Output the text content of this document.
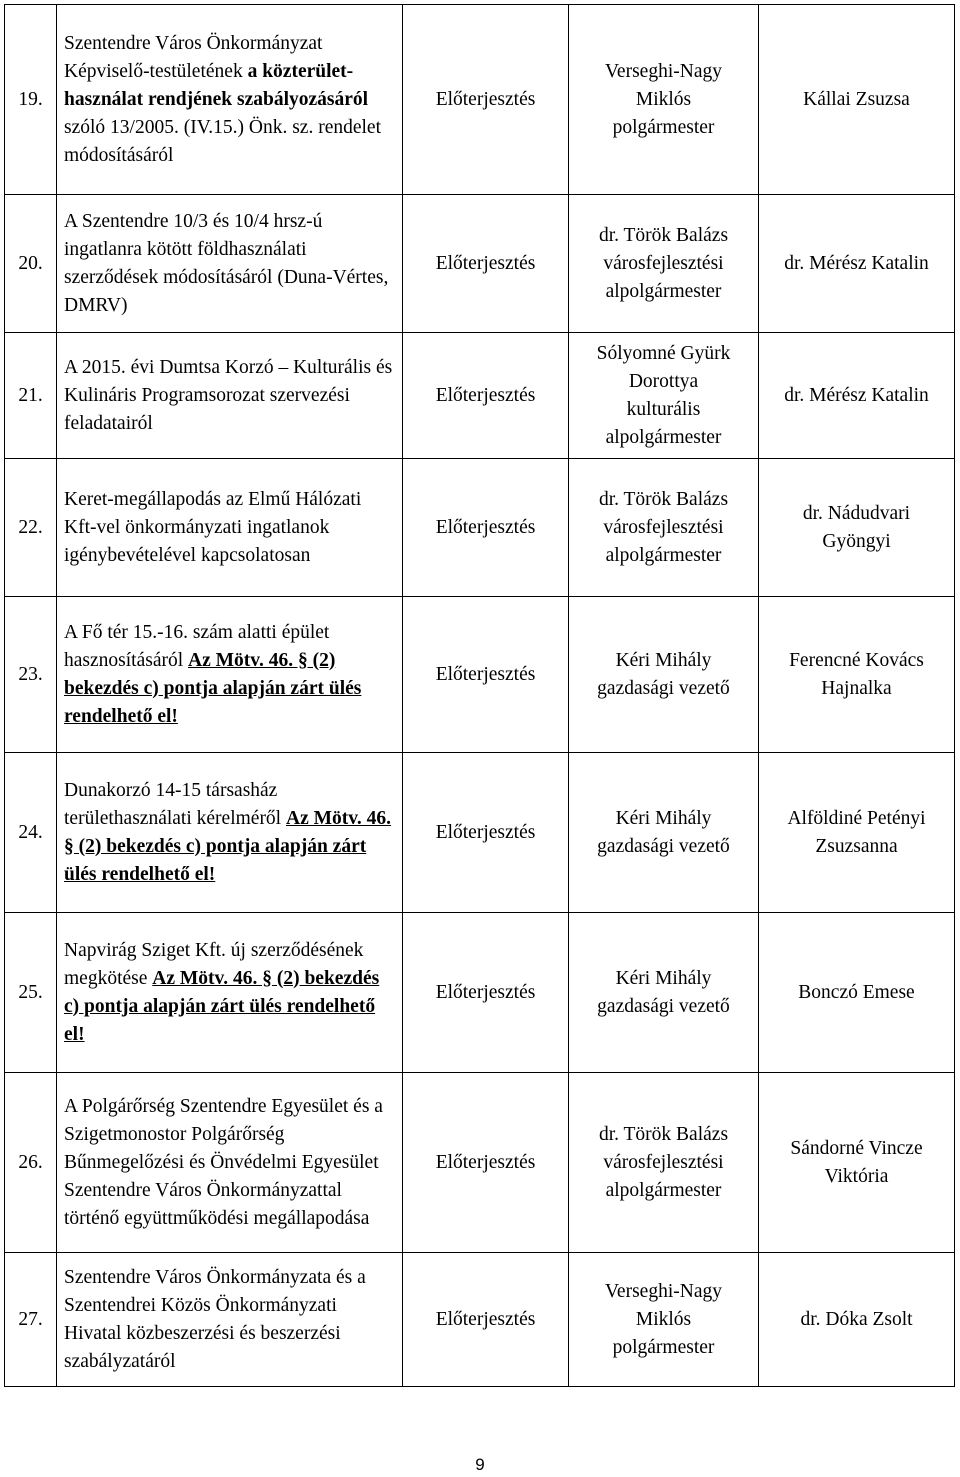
19.	Szentendre Város Önkormányzat Képviselő-testületének a közterület-használat rendjének szabályozásáról szóló 13/2005. (IV.15.) Önk. sz. rendelet módosításáról	Előterjesztés	Verseghi-Nagy
Miklós
polgármester	Kállai Zsuzsa

20.	A Szentendre 10/3 és 10/4 hrsz-ú ingatlanra kötött földhasználati szerződések módosításáról (Duna-Vértes, DMRV)	Előterjesztés	dr. Török Balázs
városfejlesztési
alpolgármester	dr. Mérész Katalin

21.	A 2015. évi Dumtsa Korzó – Kulturális és Kulináris Programsorozat szervezési feladatairól	Előterjesztés	Sólyomné Gyürk
Dorottya
kulturális
alpolgármester	dr. Mérész Katalin

22.	Keret-megállapodás az Elmű Hálózati Kft-vel önkormányzati ingatlanok igénybevételével kapcsolatosan	Előterjesztés	dr. Török Balázs
városfejlesztési
alpolgármester	dr. Nádudvari
Gyöngyi

23.	A Fő tér 15.-16. szám alatti épület hasznosításáról Az Mötv. 46. § (2) bekezdés c) pontja alapján zárt ülés rendelhető el!	Előterjesztés	Kéri Mihály
gazdasági vezető	Ferencné Kovács
Hajnalka

24.	Dunakorzó 14-15 társasház területhasználati kérelméről Az Mötv. 46. § (2) bekezdés c) pontja alapján zárt ülés rendelhető el!	Előterjesztés	Kéri Mihály
gazdasági vezető	Alföldiné Petényi
Zsuzsanna

25.	Napvirág Sziget Kft. új szerződésének megkötése Az Mötv. 46. § (2) bekezdés c) pontja alapján zárt ülés rendelhető el!	Előterjesztés	Kéri Mihály
gazdasági vezető	Bonczó Emese

26.	A Polgárőrség Szentendre Egyesület és a Szigetmonostor Polgárőrség Bűnmegelőzési és Önvédelmi Egyesület Szentendre Város Önkormányzattal történő együttműködési megállapodása	Előterjesztés	dr. Török Balázs
városfejlesztési
alpolgármester	Sándorné Vincze
Viktória

27.	Szentendre Város Önkormányzata és a Szentendrei Közös Önkormányzati Hivatal közbeszerzési és beszerzési szabályzatáról	Előterjesztés	Verseghi-Nagy
Miklós
polgármester	dr. Dóka Zsolt
9
